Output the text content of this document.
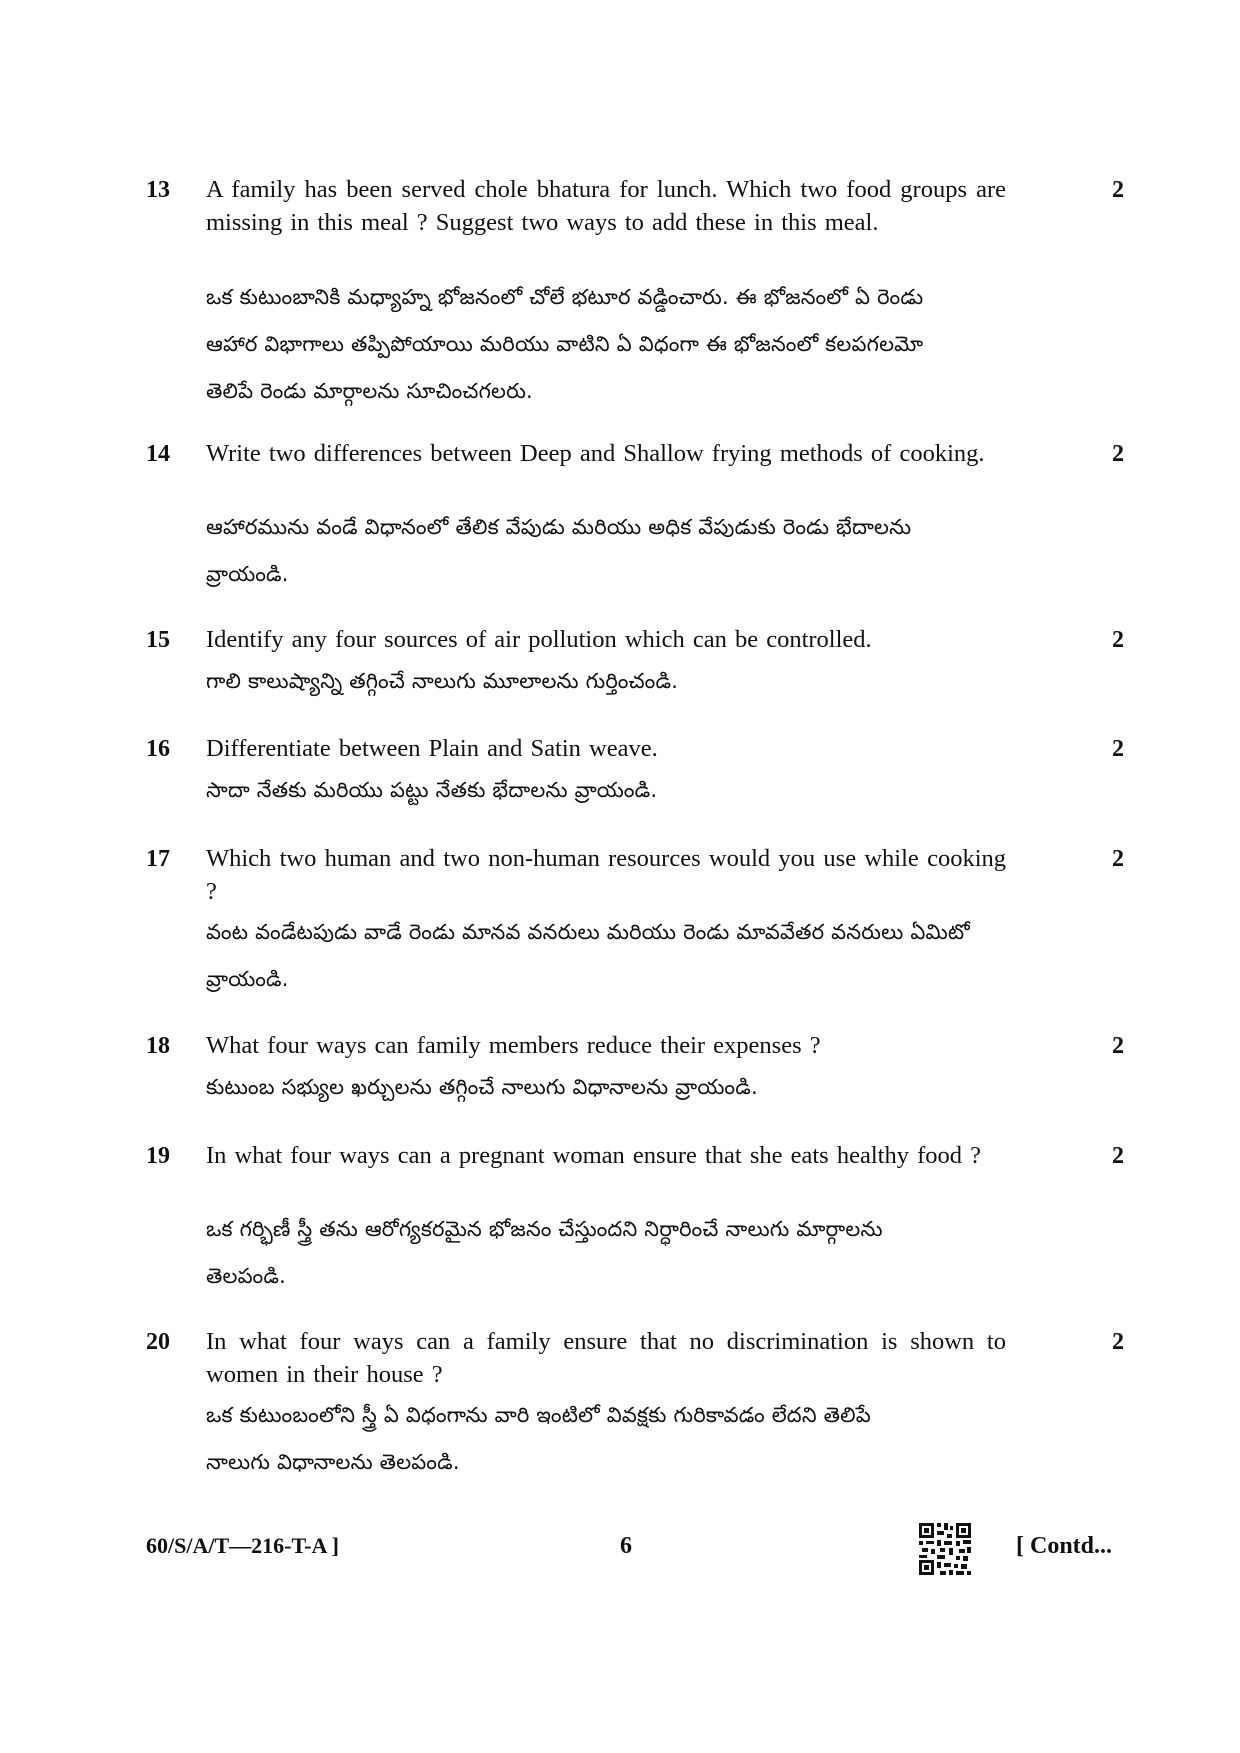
13 A family has been served chole bhatura for lunch. Which two food groups are missing in this meal ? Suggest two ways to add these in this meal.
2
ఒక కుటుంబానికి మధ్యాహ్న భోజనంలో చోలే భటూర వడ్డించారు. ఈ భోజనంలో ఏ రెండు
ఆహార విభాగాలు తప్పిపోయాయి మరియు వాటిని ఏ విధంగా ఈ భోజనంలో కలపగలమో
తెలిపే రెండు మార్గాలను సూచించగలరు.
14 Write two differences between Deep and Shallow frying methods of cooking.	2
ఆహారమును వండే విధానంలో తేలిక వేపుడు మరియు అధిక వేపుడుకు రెండు భేదాలను
వ్రాయండి.
15 Identify any four sources of air pollution which can be controlled.	2
గాలి కాలుష్యాన్ని తగ్గించే నాలుగు మూలాలను గుర్తించండి.
16 Differentiate between Plain and Satin weave.	2
సాదా నేతకు మరియు పట్టు నేతకు భేదాలను వ్రాయండి.
17 Which two human and two non-human resources would you use while cooking ?
2
వంట వండేటపుడు వాడే రెండు మానవ వనరులు మరియు రెండు మావవేతర వనరులు ఏమిటో
వ్రాయండి.
18 What four ways can family members reduce their expenses ?	2
కుటుంబ సభ్యుల ఖర్చులను తగ్గించే నాలుగు విధానాలను వ్రాయండి.
19 In what four ways can a pregnant woman ensure that she eats healthy food ?	2
ఒక గర్భిణీ స్త్రీ తను ఆరోగ్యకరమైన భోజనం చేస్తుందని నిర్ధారించే నాలుగు మార్గాలను
తెలపండి.
20 In what four ways can a family ensure that no discrimination is shown to women in their house ?
2
ఒక కుటుంబంలోని స్త్రీ ఏ విధంగాను వారి ఇంటిలో వివక్షకు గురికావడం లేదని తెలిపే
నాలుగు విధానాలను తెలపండి.
60/S/A/T—216-T-A ]	6	[ Contd...
